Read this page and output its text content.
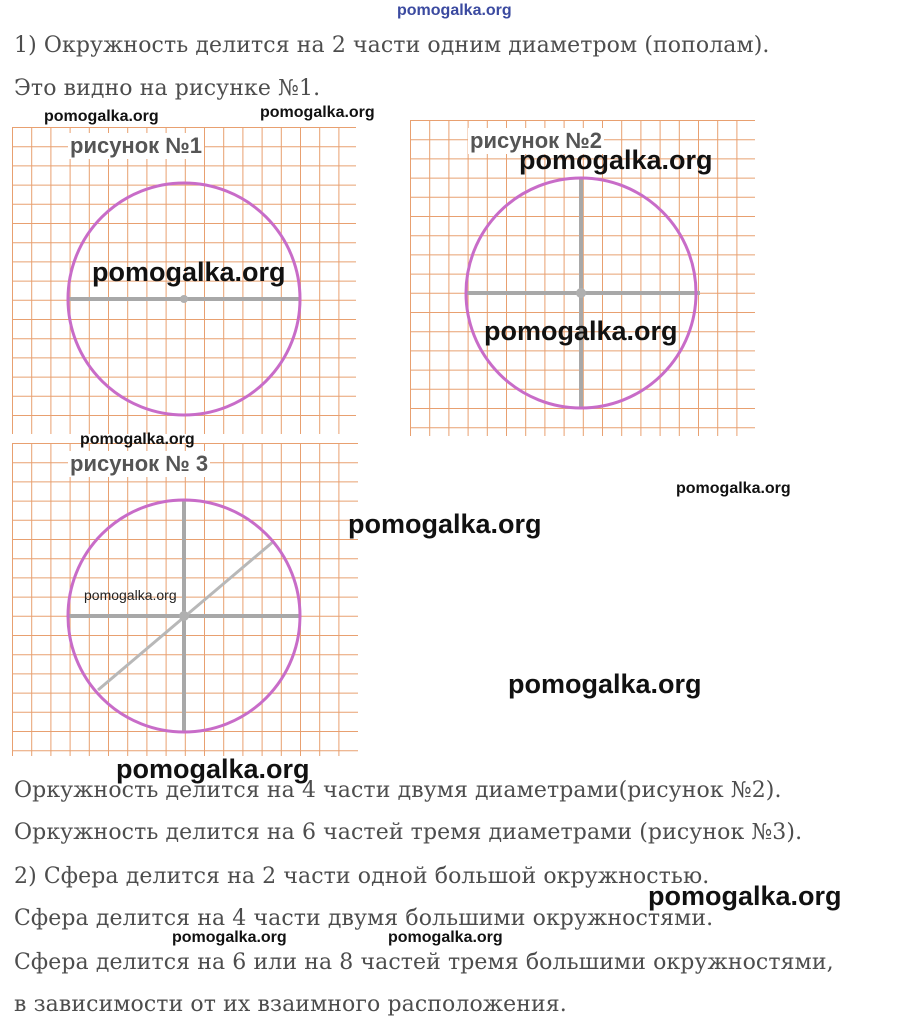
pomogalka.org
1) Окружность делится на 2 части одним диаметром (пополам).
Это видно на рисунке №1.
рисунок №1	рисунок №2
рисунок № 3
Оркужность делится на 4 части двумя диаметрами(рисунок №2).
Оркужность делится на 6 частей тремя диаметрами (рисунок №3).
2) Сфера делится на 2 части одной большой окружностью.
Сфера делится на 4 части двумя большими окружностями.
Сфера делится на 6 или на 8 частей тремя большими окружностями,
в зависимости от их взаимного расположения.
pomogalka.org	pomogalka.org
pomogalka.org
pomogalka.org
pomogalka.org
pomogalka.org
pomogalka.org
pomogalka.org
pomogalka.org
pomogalka.org
pomogalka.org
pomogalka.org
pomogalka.org	pomogalka.org
